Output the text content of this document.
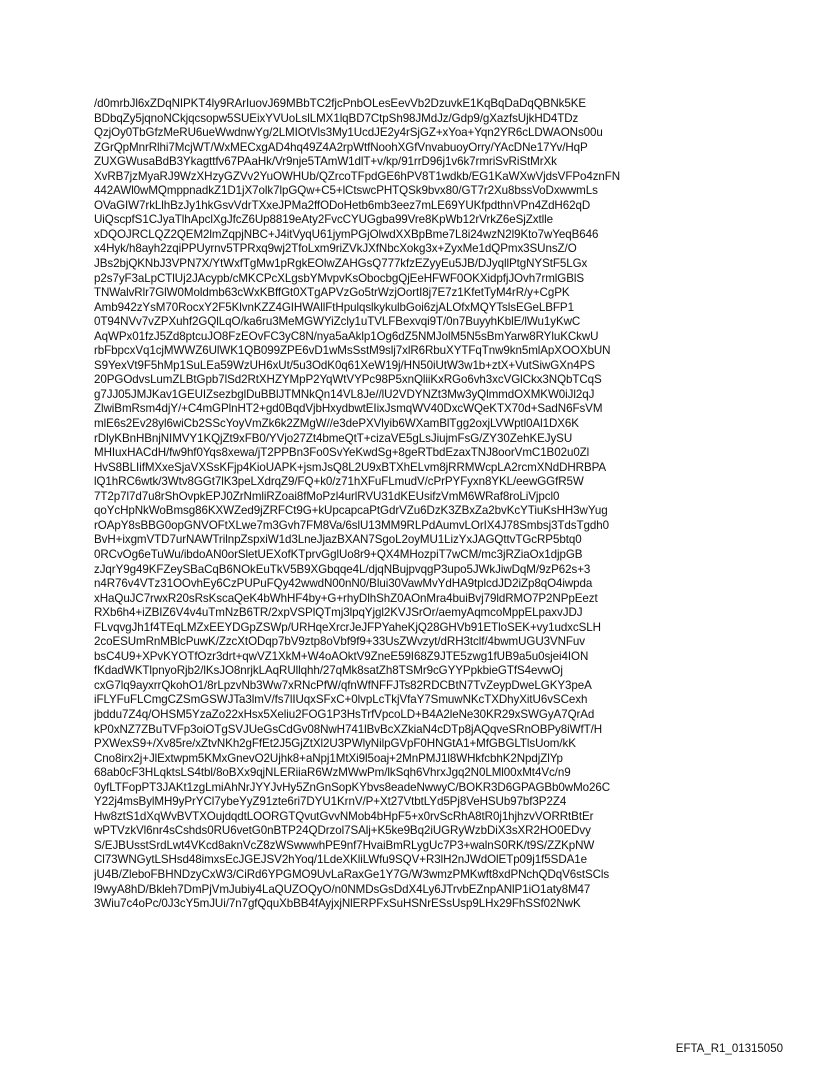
/d0mrbJl6xZDqNIPKT4ly9RArIuovJ69MBbTC2fjcPnbOLesEevVb2DzuvkE1KqBqDaDqQBNk5KE
BDbqZy5jqnoNCkjqcsopw5SUEixYVUoLslLMX1lqBD7CtpSh98JMdJz/Gdp9/gXazfsUjkHD4TDz
QzjOy0TbGfzMeRU6ueWwdnwYg/2LMIOtVls3My1UcdJE2y4rSjGZ+xYoa+Yqn2YR6cLDWAONs00u
ZGrQpMnrRlhi7McjWT/WxMECxgAD4hq49Z4A2rpWtfNoohXGfVnvabuoyOrry/YAcDNe17Yv/HqP
ZUXGWusaBdB3Ykagttfv67PAaHk/Vr9nje5TAmW1dlT+v/kp/91rrD96j1v6k7rmriSvRiStMrXk
XvRB7jzMyaRJ9WzXHzyGZVv2YuOWHUb/QZrcoTFpdGE6hPV8T1wdkb/EG1KaWXwVjdsVFPo4znFN
442AWl0wMQmppnadkZ1D1jX7olk7lpGQw+C5+lCtswcPHTQSk9bvx80/GT7r2Xu8bssVoDxwwmLs
OVaGIW7rkLlhBzJy1hkGsvVdrTXxeJPMa2ffODoHetb6mb3eez7mLE69YUKfpdthnVPn4ZdH62qD
UiQscpfS1CJyaTlhApclXgJfcZ6Up8819eAty2FvcCYUGgba99Vre8KpWb12rVrkZ6eSjZxtlle
xDQOJRCLQZ2QEM2lmZqpjNBC+J4itVyqU61jymPGjOlwdXXBpBme7L8i24wzN2l9Kto7wYeqB646
x4Hyk/h8ayh2zqiPPUyrnv5TPRxq9wj2TfoLxm9riZVkJXfNbcXokg3x+ZyxMe1dQPmx3SUnsZ/O
JBs2bjQKNbJ3VPN7X/YtWxfTgMw1pRgkEOlwZAHGsQ777kfzEZyyEu5JB/DJyqllPtgNYStF5LGx
p2s7yF3aLpCTlUj2JAcypb/cMKCPcXLgsbYMvpvKsObocbgQjEeHFWF0OKXidpfjJOvh7rmlGBlS
TNWalvRlr7GlW0Moldmb63cWxKBffGt0XTgAPVzGo5trWzjOortI8j7E7z1KfetTyM4rR/y+CgPK
Amb942zYsM70RocxY2F5KlvnKZZ4GIHWAllFtHpulqslkykulbGoi6zjALOfxMQYTslsEGeLBFP1
0T94NVv7vZPXuhf2GQlLqO/ka6ru3MeMGWYiZcly1uTVLFBexvqi9T/0n7BuyyhKblE/lWu1yKwC
AqWPx01fzJ5Zd8ptcuJO8FzEOvFC3yC8N/nya5aAklp1Og6dZ5NMJolM5N5sBmYarw8RYluKCkwU
rbFbpcxVq1cjMWWZ6UlWK1QB099ZPE6vD1wMsSstM9slj7xlR6RbuXYTFqTnw9kn5mlApXOOXbUN
S9YexVt9F5hMp1SuLEa59WzUH6xUt/5u3OdK0q61XeW19j/HN50iUtW3w1b+ztX+VutSiwGXn4PS
20PGOdvsLumZLBtGpb7lSd2RtXHZYMpP2YqWtVYPc98P5xnQliiKxRGo6vh3xcVGlCkx3NQbTCqS
g7JJ05JMJKav1GEUIZsezbglDuBBlJTMNkQn14VL8Je//lU2VDYNZt3Mw3yQlmmdOXMKW0iJl2qJ
ZlwiBmRsm4djY/+C4mGPlnHT2+gd0BqdVjbHxydbwtEIixJsmqWV40DxcWQeKTX70d+SadN6FsVM
mlE6s2Ev28yl6wiCb2SScYoyVmZk6k2ZMgW//e3dePXVlyib6WXamBlTgg2oxjLVWptl0Al1DX6K
rDlyKBnHBnjNIMVY1KQjZt9xFB0/YVjo27Zt4bmeQtT+cizaVE5gLsJiujmFsG/ZY30ZehKEJySU
MHIuxHACdH/fw9hf0Yqs8xewa/jT2PPBn3Fo0SvYeKwdSg+8geRTbdEzaxTNJ8oorVmC1B02u0Zl
HvS8BLIifMXxeSjaVXSsKFjp4KioUAPK+jsmJsQ8L2U9xBTXhELvm8jRRMWcpLA2rcmXNdDHRBPA
lQ1hRC6wtk/3Wtv8GGt7lK3peLXdrqZ9/FQ+k0/z71hXFuFLmudV/cPrPYFyxn8YKL/eewGGfR5W
7T2p7l7d7u8rShOvpkEPJ0ZrNmliRZoai8fMoPzl4urlRVU31dKEUsifzVmM6WRaf8roLiVjpcl0
qoYcHpNkWoBmsg86KXWZed9jZRFCt9G+kUpcapcaPtGdrVZu6DzK3ZBxZa2bvKcYTiuKsHH3wYug
rOApY8sBBG0opGNVOFtXLwe7m3Gvh7FM8Va/6slU13MM9RLPdAumvLOrIX4J78Smbsj3TdsTgdh0
BvH+ixgmVTD7urNAWTrilnpZspxiW1d3LneJjazBXAN7SgoL2oyMU1LizYxJAGQttvTGcRP5btq0
0RCvOg6eTuWu/ibdoAN0orSletUEXofKTprvGglUo8r9+QX4MHozpiT7wCM/mc3jRZiaOx1djpGB
zJqrY9g49KFZeySBaCqB6NOkEuTkV5B9XGbqqe4L/djqNBujpvqgP3upo5JWkJiwDqM/9zP62s+3
n4R76v4VTz31OOvhEy6CzPUPuFQy42wwdN00nN0/Blui30VawMvYdHA9tplcdJD2iZp8qO4iwpda
xHaQuJC7rwxR20sRsKscaQeK4bWhHF4by+G+rhyDlhShZ0AOnMra4buiBvj79ldRMO7P2NPpEezt
RXb6h4+iZBIZ6V4v4uTmNzB6TR/2xpVSPlQTmj3lpqYjgl2KVJSrOr/aemyAqmcoMppELpaxvJDJ
FLvqvgJh1f4TEqLMZxEEYDGpZSWp/URHqeXrcrJeJFPYaheKjQ28GHVb91ETloSEK+vy1udxcSLH
2coESUmRnMBlcPuwK/ZzcXtODqp7bV9ztp8oVbf9f9+33UsZWvzyt/dRH3tclf/4bwmUGU3VNFuv
bsC4U9+XPvKYOTfOzr3drt+qwVZ1XkM+W4oAOktV9ZneE59I68Z9JTE5zwg1fUB9a5u0sjei4ION
fKdadWKTlpnyoRjb2/lKsJO8nrjkLAqRUllqhh/27qMk8satZh8TSMr9cGYYPpkbieGTfS4evwOj
cxG7lq9ayxrrQkohO1/8rLpzvNb3Ww7xRNcPfW/qfnWfNFFJTs82RDCBtN7TvZeypDweLGKY3peA
iFLYFuFLCmgCZSmGSWJTa3lmV/fs7lIUqxSFxC+0lvpLcTkjVfaY7SmuwNKcTXDhyXitU6vSCexh
jbddu7Z4q/OHSM5YzaZo22xHsx5Xeliu2FOG1P3HsTrfVpcoLD+B4A2leNe30KR29xSWGyA7QrAd
kP0xNZ7ZBuTVFp3oiOTgSVJUeGsCdGv08NwH741lBvBcXZkiaN4cDTp8jAQqveSRnOBPy8iWfT/H
PXWexS9+/Xv85re/xZtvNKh2gFfEt2J5GjZtXl2U3PWlyNilpGVpF0HNGtA1+MfGBGLTlsUom/kK
Cno8irx2j+JlExtwpm5KMxGnevO2Ujhk8+aNpj1MtXi9l5oaj+2MnPMJ1l8WHkfcbhK2NpdjZlYp
68ab0cF3HLqktsLS4tbl/8oBXx9qjNLERiiaR6WzMWwPm/lkSqh6VhrxJgq2N0LMl00xMt4Vc/n9
0yfLTFopPT3JAKt1zgLmiAhNrJYYJvHy5ZnGnSopKYbvs8eadeNwwyC/BOKR3D6GPAGBb0wMo26C
Y22j4msBylMH9yPrYCl7ybeYyZ91zte6ri7DYU1KrnV/P+Xt27VtbtLYd5Pj8VeHSUb97bf3P2Z4
Hw8ztS1dXqWvBVTXOujdqdtLOORGTQvutGvvNMob4bHpF5+x0rvScRhA8tR0j1hjhzvVORRtBtEr
wPTVzkVl6nr4sCshds0RU6vetG0nBTP24QDrzol7SAlj+K5ke9Bq2iUGRyWzbDiX3sXR2HO0EDvy
S/EJBUsstSrdLwt4VKcd8aknVcZ8zWSwwwhPE9nf7HvaiBmRLygUc7P3+walnS0RK/t9S/ZZKpNW
Cl73WNGytLSHsd48imxsEcJGEJSV2hYoq/1LdeXKliLWfu9SQV+R3lH2nJWdOlETp09j1f5SDA1e
jU4B/ZleboFBHNDzyCxW3/CiRd6YPGMO9UvLaRaxGe1Y7G/W3wmzPMKwft8xdPNchQDqV6stSCls
l9wyA8hD/Bkleh7DmPjVmJubiy4LaQUZOQyO/n0NMDsGsDdX4Ly6JTrvbEZnpANlP1iO1aty8M47
3Wiu7c4oPc/0J3cY5mJUi/7n7gfQquXbBB4fAyjxjNlERPFxSuHSNrESsUsp9LHx29FhSSf02NwK
EFTA_R1_01315050
